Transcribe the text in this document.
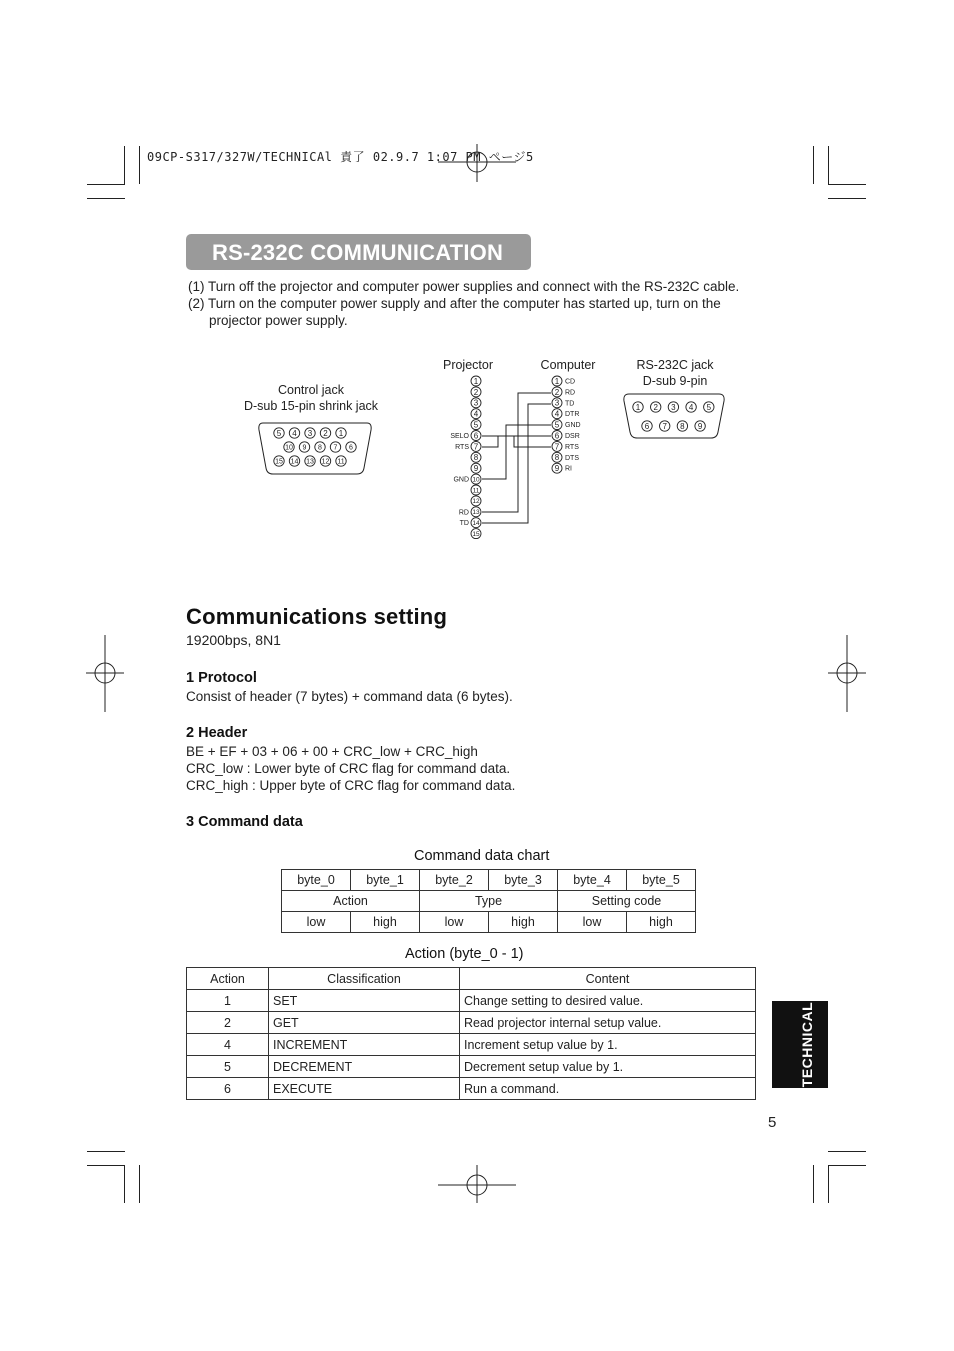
09CP-S317/327W/TECHNICAl 責了 02.9.7 1:07 PM ページ5
RS-232C COMMUNICATION
(1) Turn off the projector and computer power supplies and connect with the RS-232C cable.
(2) Turn on the computer power supply and after the computer has started up, turn on the
projector power supply.
Control jack
D-sub 15-pin shrink jack
Projector	Computer	RS-232C jack
D-sub 9-pin
5 4 3 2 1
10 9 8 7 6
15 14 13 12 11
1 2 3 4 5
6 7 8 9
1
2
3
4
5
6
SELO
7
RTS
8
9
10
GND
11
12
13
RD
14
TD
15
1 CD
2 RD
3 TD
4 DTR
5 GND
6 DSR
7 RTS
8 DTS
9 RI
Communications setting
19200bps, 8N1
1 Protocol
Consist of header (7 bytes) + command data (6 bytes).
2 Header
BE + EF + 03 + 06 + 00 + CRC_low + CRC_high
CRC_low : Lower byte of CRC flag for command data.
CRC_high : Upper byte of CRC flag for command data.
3 Command data
Command data chart
byte_0	byte_1	byte_2	byte_3	byte_4	byte_5
Action		Type		Setting code	
low	high	low	high	low	high
Action (byte_0 - 1)
Action	Classification	Content
1	SET	Change setting to desired value.
2	GET	Read projector internal setup value.
4	INCREMENT	Increment setup value by 1.
5	DECREMENT	Decrement setup value by 1.
6	EXECUTE	Run a command.
TECHNICAL
5
